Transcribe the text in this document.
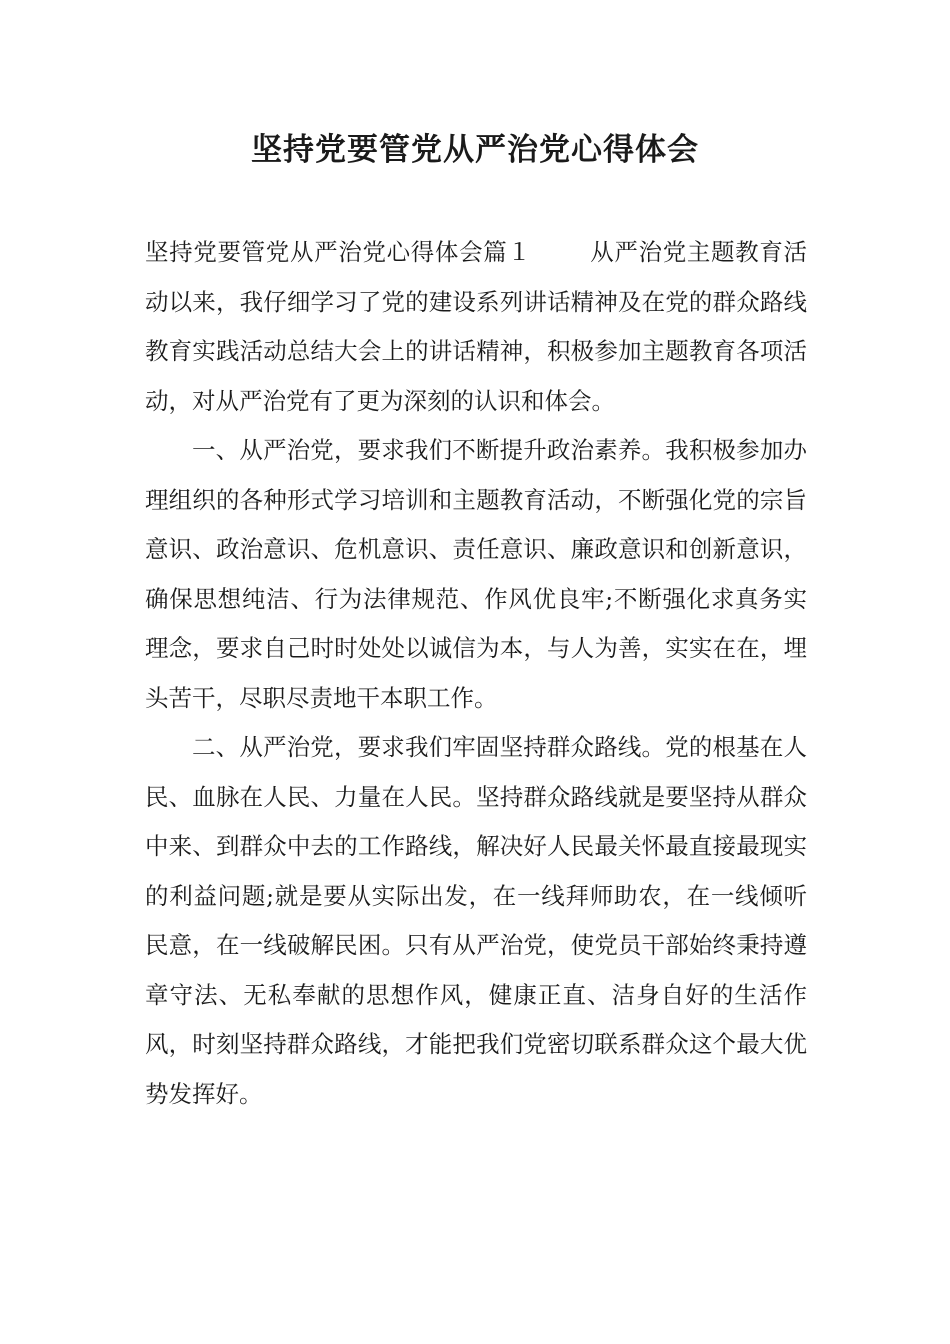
坚持党要管党从严治党心得体会

坚持党要管党从严治党心得体会篇１ 从严治党主题教育活动以来，我仔细学习了党的建设系列讲话精神及在党的群众路线教育实践活动总结大会上的讲话精神，积极参加主题教育各项活动，对从严治党有了更为深刻的认识和体会。

一、从严治党，要求我们不断提升政治素养。我积极参加办理组织的各种形式学习培训和主题教育活动，不断强化党的宗旨意识、政治意识、危机意识、责任意识、廉政意识和创新意识，确保思想纯洁、行为法律规范、作风优良牢;不断强化求真务实理念，要求自己时时处处以诚信为本，与人为善，实实在在，埋头苦干，尽职尽责地干本职工作。

二、从严治党，要求我们牢固坚持群众路线。党的根基在人民、血脉在人民、力量在人民。坚持群众路线就是要坚持从群众中来、到群众中去的工作路线，解决好人民最关怀最直接最现实的利益问题;就是要从实际出发，在一线拜师助农，在一线倾听民意，在一线破解民困。只有从严治党，使党员干部始终秉持遵章守法、无私奉献的思想作风，健康正直、洁身自好的生活作风，时刻坚持群众路线，才能把我们党密切联系群众这个最大优势发挥好。
